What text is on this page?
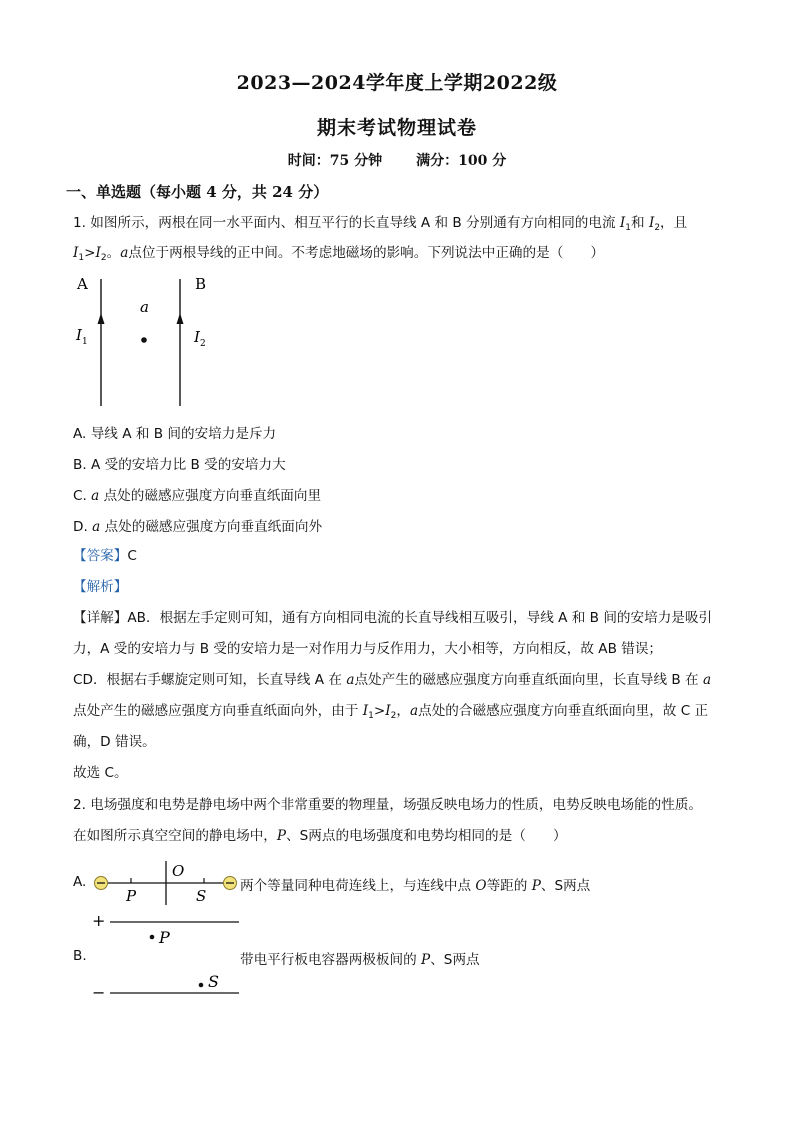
2023—2024学年度上学期2022级
期末考试物理试卷
时间：75 分钟 满分：100 分
一、单选题（每小题 4 分，共 24 分）
1. 如图所示，两根在同一水平面内、相互平行的长直导线 A 和 B 分别通有方向相同的电流 $I_1$和 $I_2$，且
$I_1>I_2$。a点位于两根导线的正中间。不考虑地磁场的影响。下列说法中正确的是（　　）
A	B
a
$I_1$	$I_2$
A. 导线 A 和 B 间的安培力是斥力
B. A 受的安培力比 B 受的安培力大
C. a 点处的磁感应强度方向垂直纸面向里
D. a 点处的磁感应强度方向垂直纸面向外
【答案】C
【解析】
【详解】AB．根据左手定则可知，通有方向相同电流的长直导线相互吸引，导线 A 和 B 间的安培力是吸引
力，A 受的安培力与 B 受的安培力是一对作用力与反作用力，大小相等，方向相反，故 AB 错误；
CD．根据右手螺旋定则可知，长直导线 A 在 a点处产生的磁感应强度方向垂直纸面向里，长直导线 B 在 a
点处产生的磁感应强度方向垂直纸面向外，由于 $I_1>I_2$，a点处的合磁感应强度方向垂直纸面向里，故 C 正
确，D 错误。
故选 C。
2. 电场强度和电势是静电场中两个非常重要的物理量，场强反映电场力的性质，电势反映电场能的性质。
在如图所示真空空间的静电场中，P、S两点的电场强度和电势均相同的是（　　）
A.
O
P	S
两个等量同种电荷连线上，与连线中点 O等距的 P、S两点
B.
+
P
S
−
带电平行板电容器两极板间的 P、S两点
